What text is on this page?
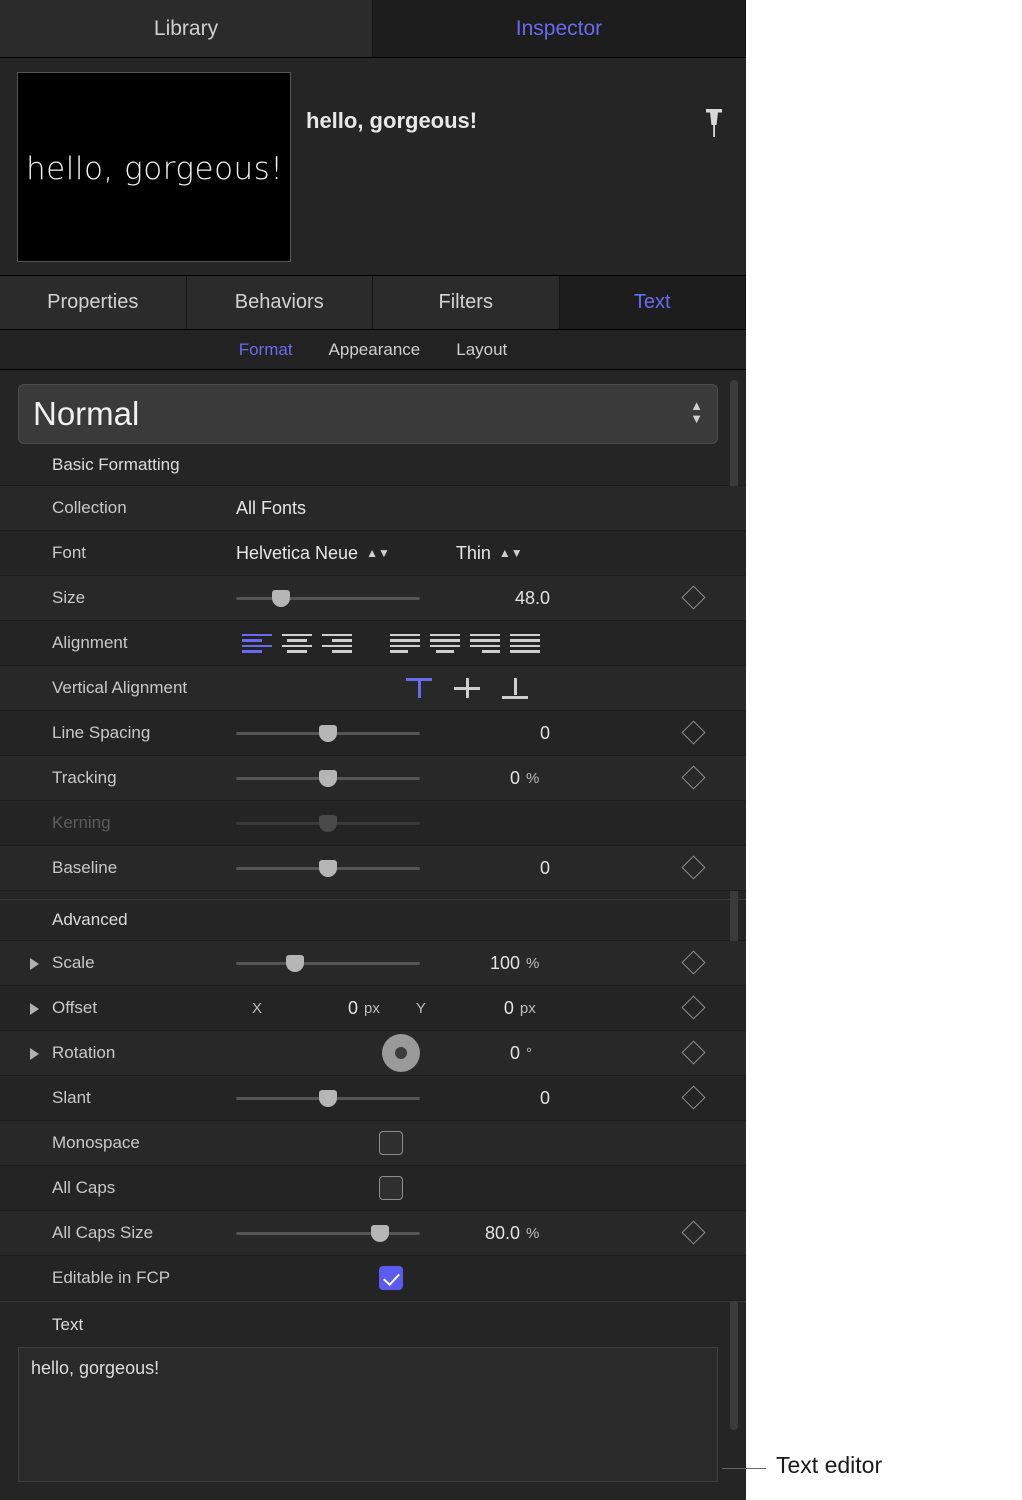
Library	Inspector
hello, gorgeous!
hello, gorgeous!
Properties	Behaviors	Filters	Text
Format Appearance Layout
Normal	▲
▼
Basic Formatting
Collection	All Fonts
Font	Helvetica Neue ▲▼	Thin ▲▼
Size	48.0
Alignment
Vertical Alignment
Line Spacing	0
Tracking	0 %
Kerning
Baseline	0
Advanced
Scale	100 %
Offset	X	0 px Y	0 px
Rotation	0 °
Slant	0
Monospace
All Caps
All Caps Size	80.0 %
Editable in FCP
Text
hello, gorgeous!
Text editor
